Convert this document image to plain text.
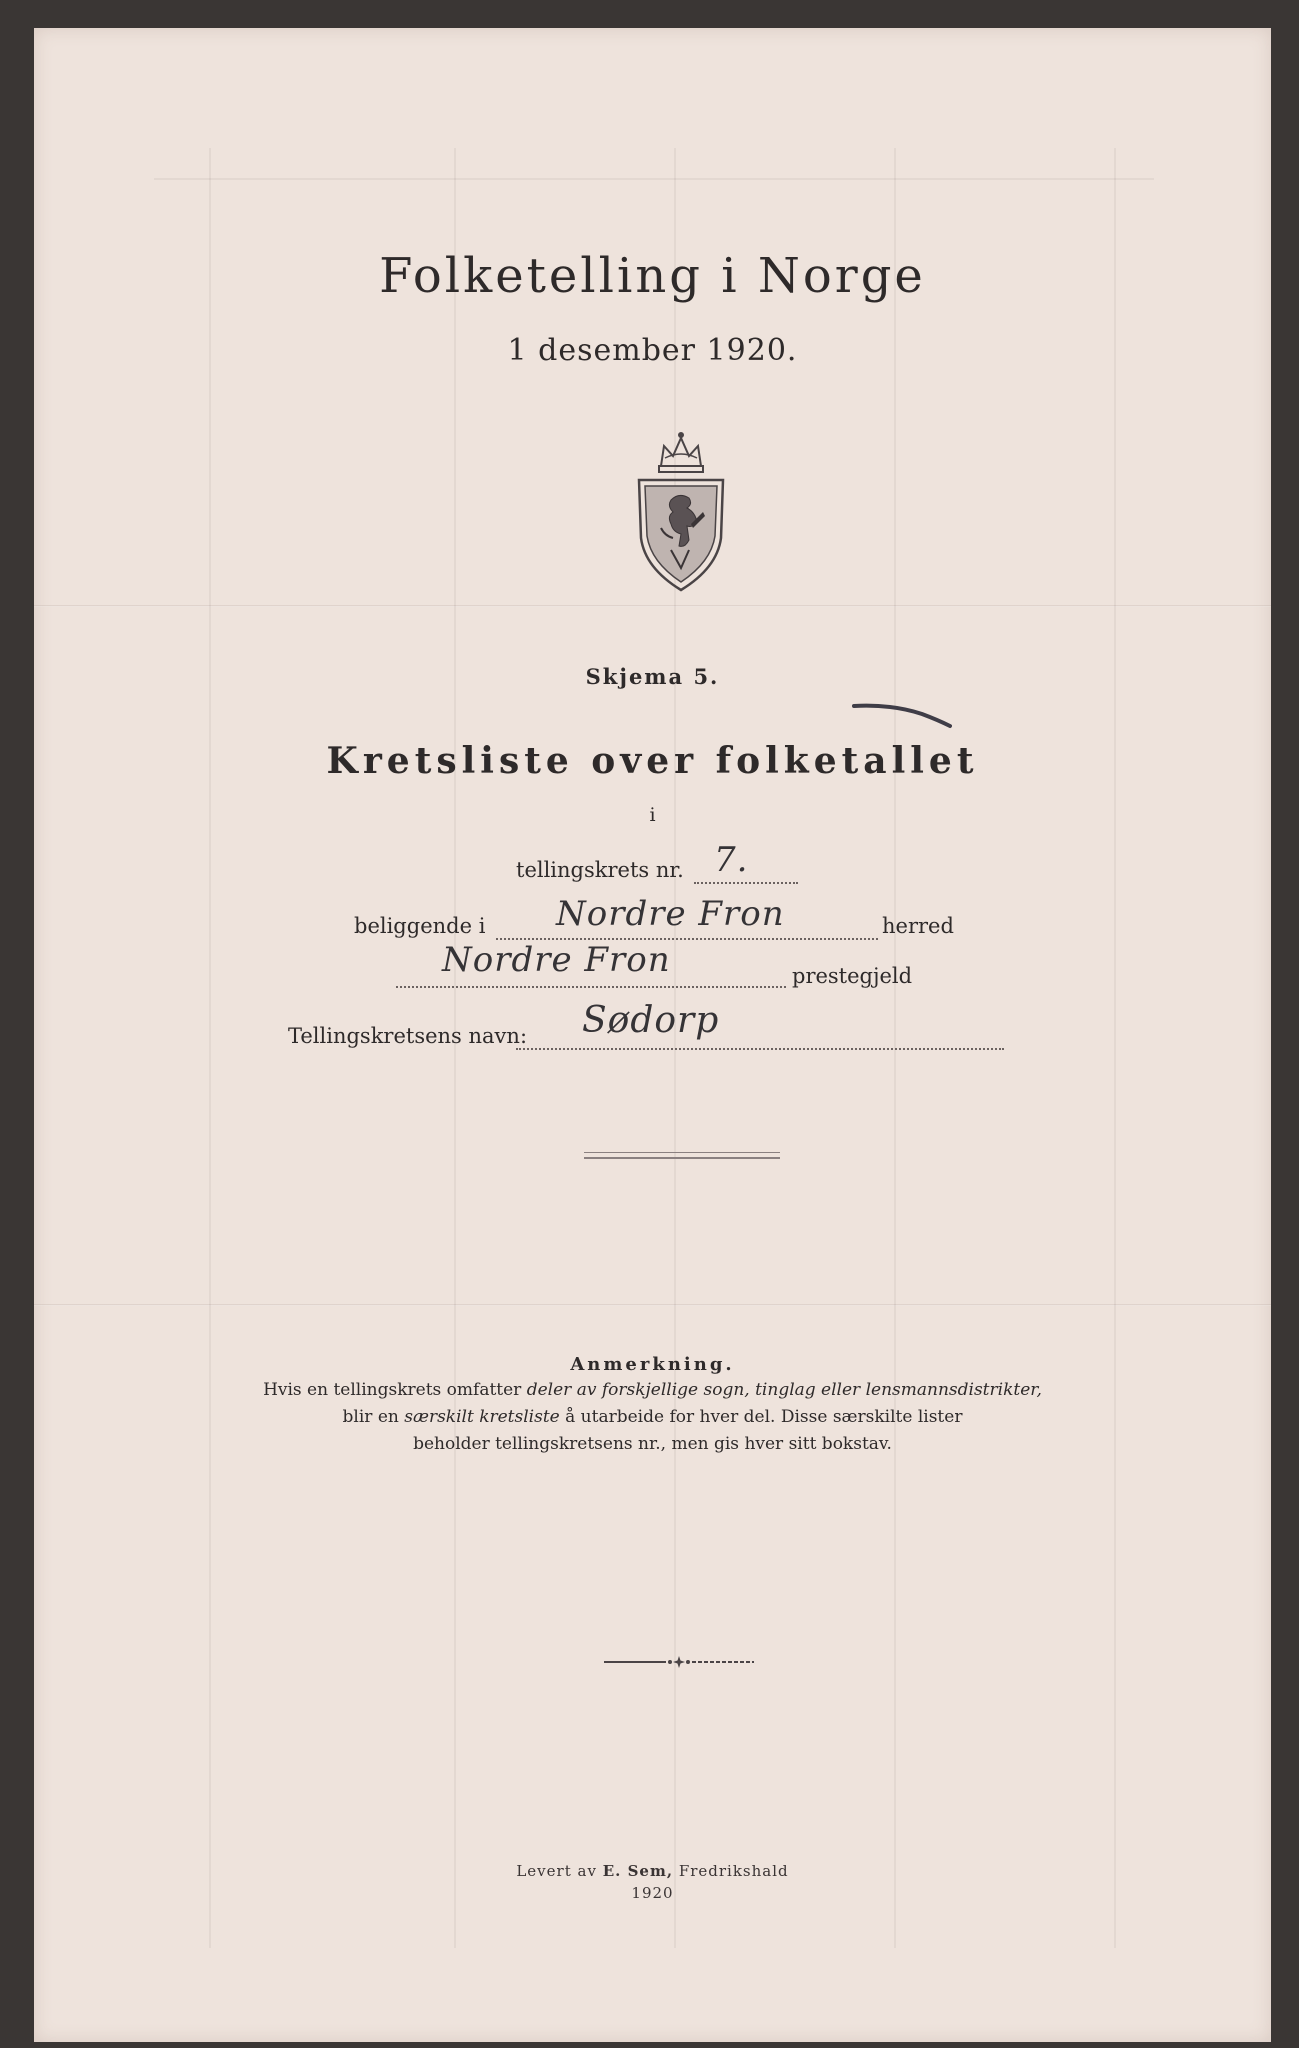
Folketelling i Norge
1 desember 1920.
Skjema 5.
Kretsliste over folketallet
i
tellingskrets nr. 7.
beliggende i Nordre Fron	herred
Nordre Fron	prestegjeld
Tellingskretsens navn: Sødorp
Anmerkning.
Hvis en tellingskrets omfatter deler av forskjellige sogn, tinglag eller lensmannsdistrikter,
blir en særskilt kretsliste å utarbeide for hver del. Disse særskilte lister
beholder tellingskretsens nr., men gis hver sitt bokstav.
Levert av E. Sem, Fredrikshald
1920
